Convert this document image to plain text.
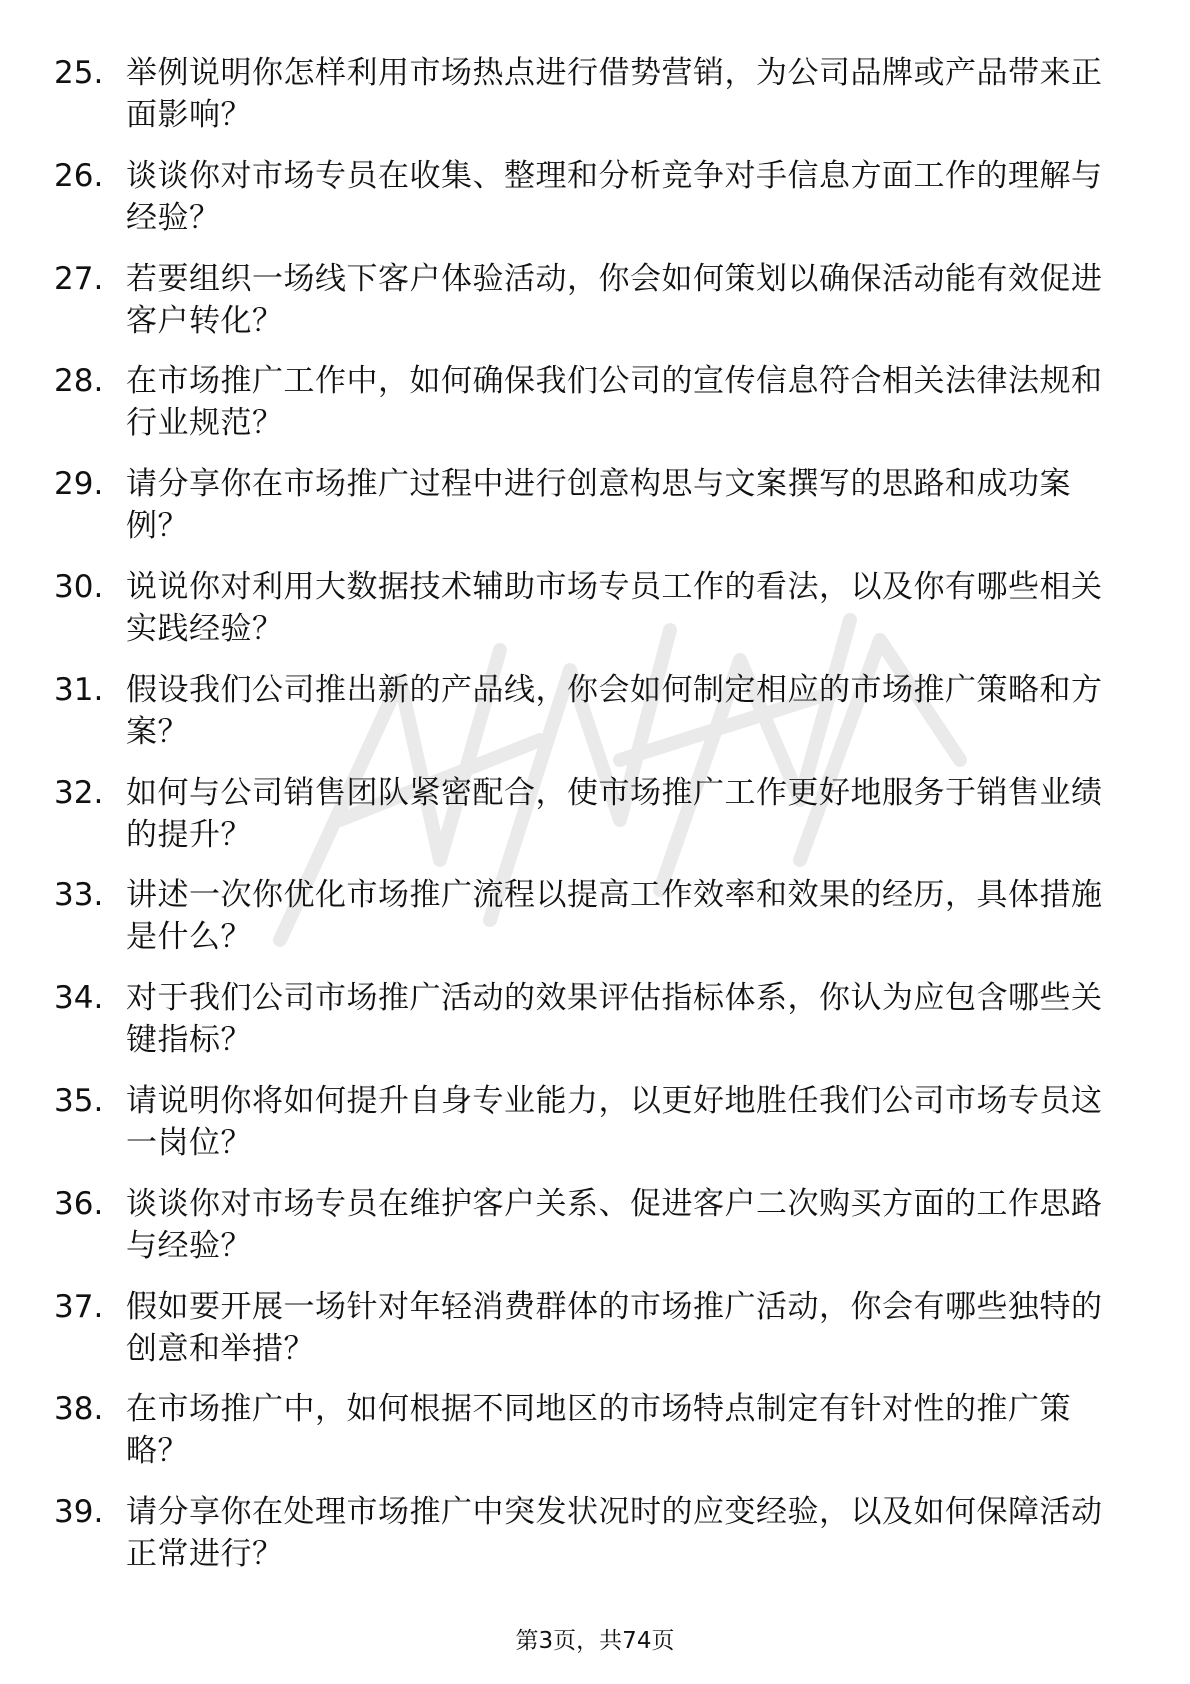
25. 举例说明你怎样利用市场热点进行借势营销，为公司品牌或产品带来正面影响？
26. 谈谈你对市场专员在收集、整理和分析竞争对手信息方面工作的理解与经验？
27. 若要组织一场线下客户体验活动，你会如何策划以确保活动能有效促进客户转化？
28. 在市场推广工作中，如何确保我们公司的宣传信息符合相关法律法规和行业规范？
29. 请分享你在市场推广过程中进行创意构思与文案撰写的思路和成功案例？
30. 说说你对利用大数据技术辅助市场专员工作的看法，以及你有哪些相关实践经验？
31. 假设我们公司推出新的产品线，你会如何制定相应的市场推广策略和方案？
32. 如何与公司销售团队紧密配合，使市场推广工作更好地服务于销售业绩的提升？
33. 讲述一次你优化市场推广流程以提高工作效率和效果的经历，具体措施是什么？
34. 对于我们公司市场推广活动的效果评估指标体系，你认为应包含哪些关键指标？
35. 请说明你将如何提升自身专业能力，以更好地胜任我们公司市场专员这一岗位？
36. 谈谈你对市场专员在维护客户关系、促进客户二次购买方面的工作思路与经验？
37. 假如要开展一场针对年轻消费群体的市场推广活动，你会有哪些独特的创意和举措？
38. 在市场推广中，如何根据不同地区的市场特点制定有针对性的推广策略？
39. 请分享你在处理市场推广中突发状况时的应变经验，以及如何保障活动正常进行？
第3页，共74页
